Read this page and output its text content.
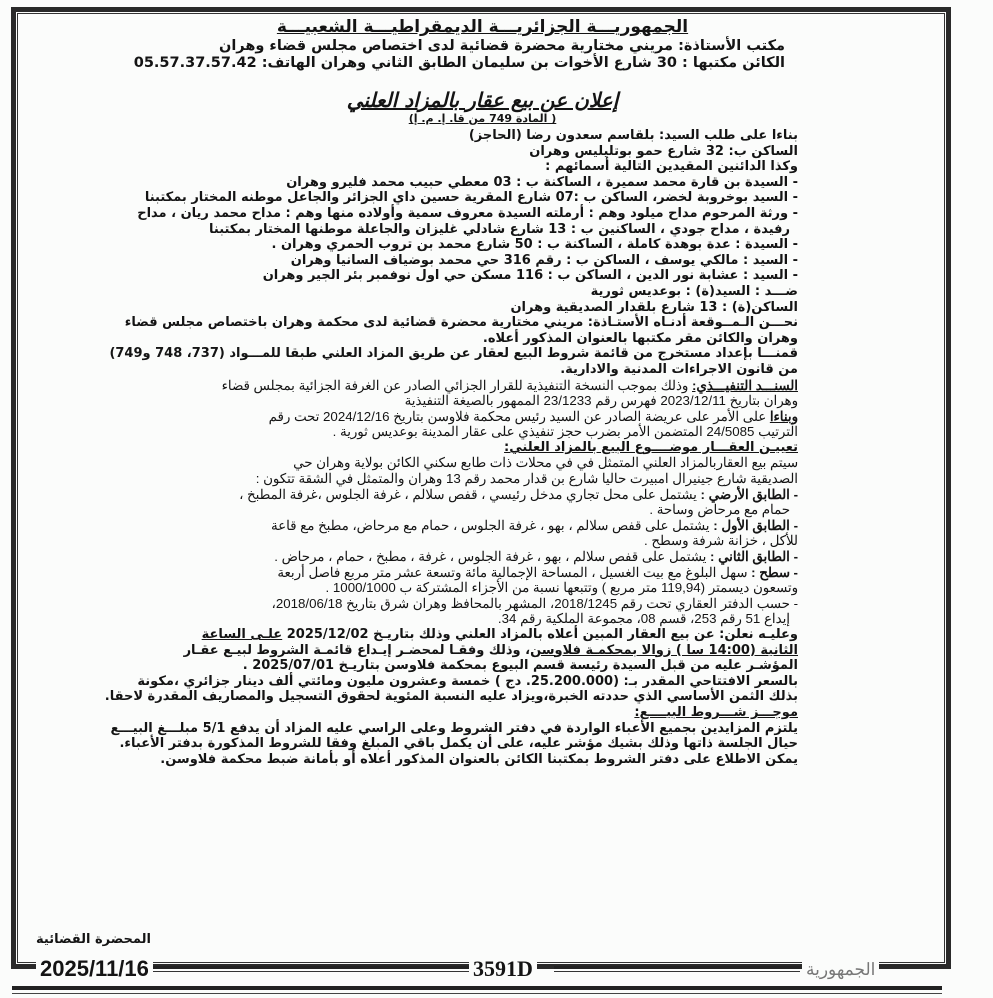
الجمهوريـــة الجزائريـــة الديمقراطيـــة الشعبيـــة
مكتب الأستاذة: مريني مختارية محضرة قضائية لدى اختصاص مجلس قضاء وهران
الكائن مكتبها : 30 شارع الأخوات بن سليمان الطابق الثاني وهران الهاتف: 05.57.37.57.42
إعلان عن بيع عقار بالمزاد العلني
( المادة 749 من قا. إ. م. إ)

بناءا على طلب السيد: بلقاسم سعدون رضا (الحاجز)

الساكن ب: 32 شارع حمو بوتليليس وهران

وكذا الدائنين المقيدين التالية أسمائهم :

- السيدة بن قارة محمد سميرة ، الساكنة ب : 03 معطي حبيب محمد فليرو وهران

- السيد بوخروبة لخضر، الساكن ب :07 شارع المقرية حسين داي الجزائر والجاعل موطنه المختار بمكتبنا

- ورثة المرحوم مداح ميلود وهم : أرملته السيدة معروف سمية وأولاده منها وهم : مداح محمد ريان ، مداح

رفيدة ، مداح جودي ، الساكنين ب : 13 شارع شادلي غليزان والجاعلة موطنها المختار بمكتبنا

- السيدة : عدة بوهدة كاملة ، الساكنة ب : 50 شارع محمد بن تروب الحمري وهران .

- السيد : مالكي يوسف ، الساكن ب : رقم 316 حي محمد بوضياف السانيا وهران

- السيد : عشابة نور الدين ، الساكن ب : 116 مسكن حي اول نوفمبر بئر الجير وهران

ضـــد : السيد(ة) : بوعديس ثورية

الساكن(ة) : 13 شارع بلقدار الصديقية وهران

نحـــن الـمــوقعة أدنـاه الأستـاذة: مريني مختارية محضرة قضائية لدى محكمة وهران باختصاص مجلس قضاء

وهران والكائن مقر مكتبها بالعنوان المذكور أعلاه.

قمنـــا بإعداد مستخرج من قائمة شروط البيع لعقار عن طريق المزاد العلني طبقا للمـــواد (737، 748 و749)

من قانون الاجراءات المدنية والادارية.

السنـــد التنفيـــذي: وذلك بموجب النسخة التنفيذية للقرار الجزائي الصادر عن الغرفة الجزائية بمجلس قضاء

وهران بتاريخ 2023/12/11 فهرس رقم 23/1233 الممهور بالصيغة التنفيذية

وبناءا على الأمر على عريضة الصادر عن السيد رئيس محكمة فلاوسن بتاريخ 2024/12/16 تحت رقم

الترتيب 24/5085 المتضمن الأمر بضرب حجز تنفيذي على عقار المدينة بوعديس ثورية .

تعييـن العقـــار موضــــوع البيع بالمزاد العلني:

سيتم بيع العقاربالمزاد العلني المتمثل في في محلات ذات طابع سكني الكائن بولاية وهران حي

الصديقية شارع جينيرال امبيرت حاليا شارع بن قدار محمد رقم 13 وهران والمتمثل في الشقة تتكون :

- الطابق الأرضي : يشتمل على محل تجاري مدخل رئيسي ، قفص سلالم ، غرفة الجلوس ،غرفة المطبخ ،

حمام مع مرحاض وساحة .

- الطابق الأول : يشتمل على قفص سلالم ، بهو ، غرفة الجلوس ، حمام مع مرحاض، مطبخ مع قاعة

للأكل ، خزانة شرفة وسطح .

- الطابق الثاني : يشتمل على قفص سلالم ، بهو ، غرفة الجلوس ، غرفة ، مطبخ ، حمام ، مرحاض .

- سطح : سهل البلوغ مع بيت الغسيل ، المساحة الإجمالية مائة وتسعة عشر متر مربع فاصل أربعة

وتسعون ديسمتر (119,94 متر مربع ) وتتبعها نسبة من الأجزاء المشتركة ب 1000/1000 .

- حسب الدفتر العقاري تحت رقم 2018/1245، المشهر بالمحافظ وهران شرق بتاريخ 2018/06/18،

إيداع 51 رقم 253، قسم 08، مجموعة الملكية رقم 34.

وعليـه نعلن: عن بيع العقار المبين أعلاه بالمزاد العلني وذلك بتاريـخ 2025/12/02 علـى الساعة

الثانية (14:00 سا ) زوالا بمحكمـة فلاوسن، وذلك وفقـا لمحضـر إيـداع قائمـة الشروط لبيـع عقـار

المؤشـر عليه من قبل السيدة رئيسة قسم البيوع بمحكمة فلاوسن بتاريـخ 2025/07/01 .

بالسعر الافتتاحي المقدر بـ: (25.200.000. دج ) خمسة وعشرون مليون ومائتي ألف دينار جزائري ،مكونة

بذلك الثمن الأساسي الذي حددته الخبرة،ويزاد عليه النسبة المئوية لحقوق التسجيل والمصاريف المقدرة لاحقا.

موجـــز شـــروط البيــــع:

يلتزم المزايدين بجميع الأعباء الواردة في دفتر الشروط وعلى الراسي عليه المزاد أن يدفع 5/1 مبلـــغ البيـــع

حيال الجلسة ذاتها وذلك بشيك مؤشر عليه، على أن يكمل باقي المبلغ وفقا للشروط المذكورة بدفتر الأعباء.

يمكن الاطلاع على دفتر الشروط بمكتبنا الكائن بالعنوان المذكور أعلاه أو بأمانة ضبط محكمة فلاوسن.

المحضرة القضائية
2025/11/16	3591D	الجمهورية
